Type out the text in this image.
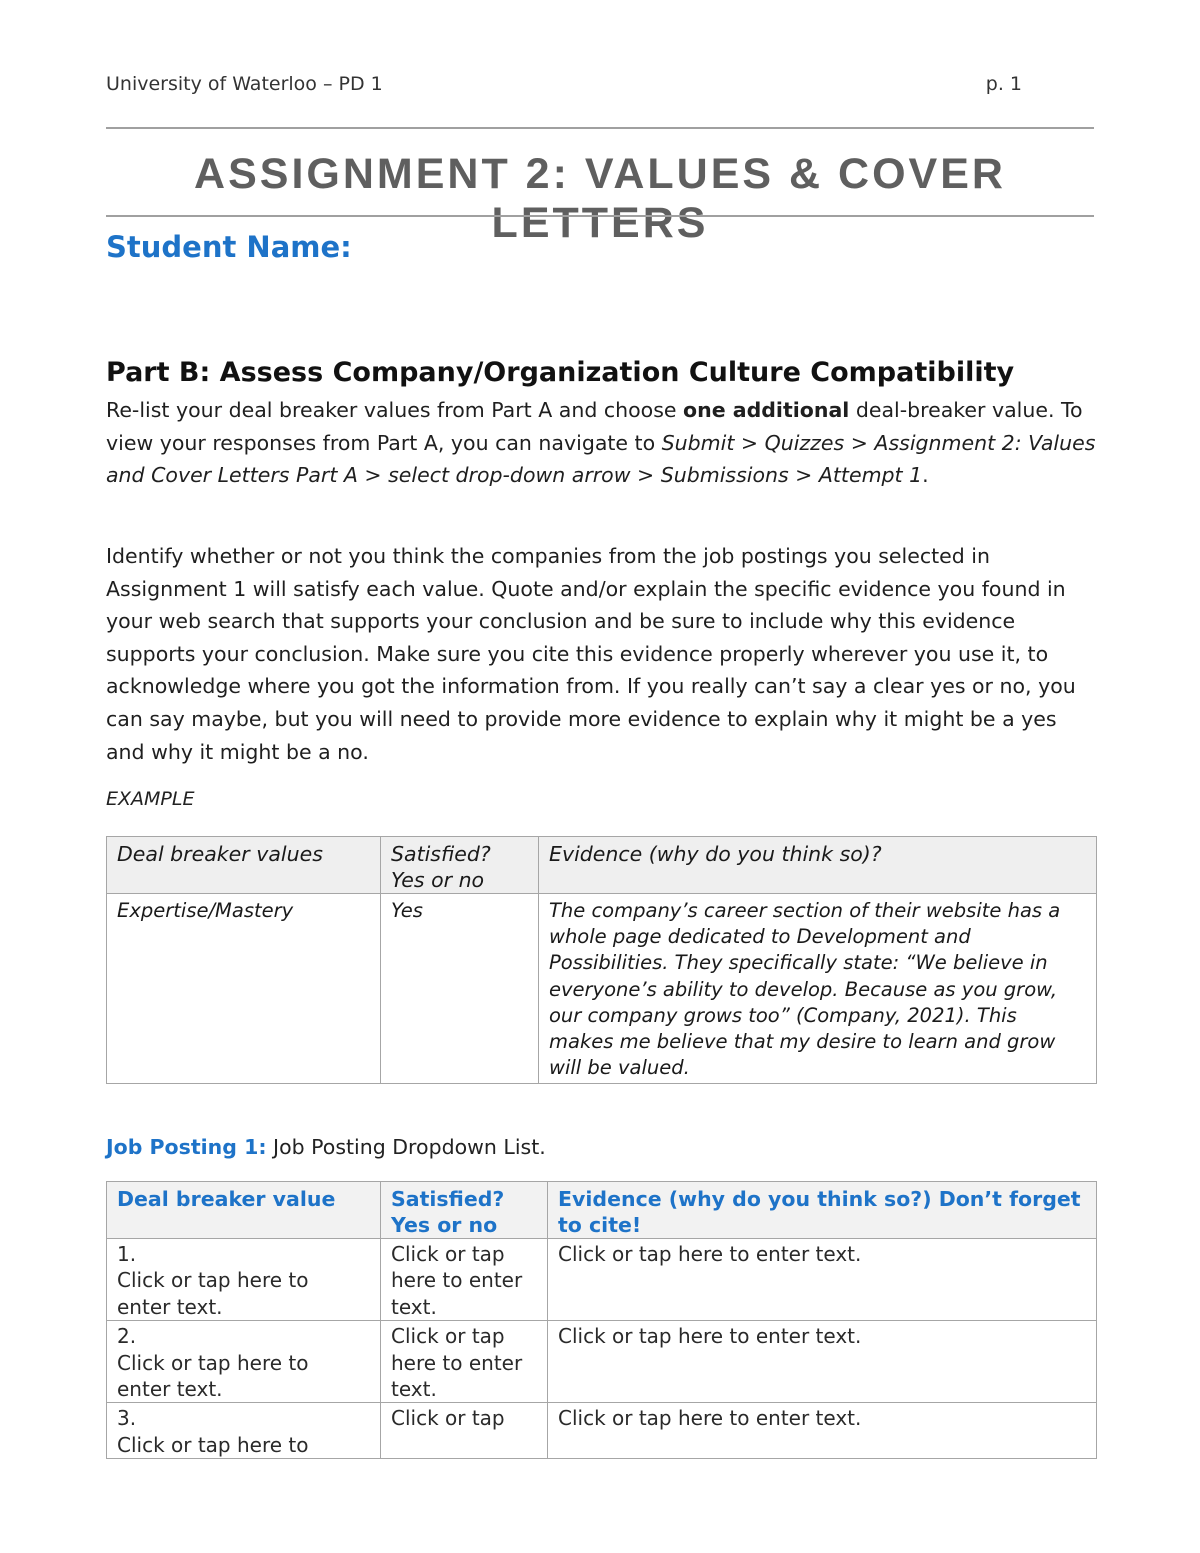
University of Waterloo – PD 1	p. 1
ASSIGNMENT 2: VALUES & COVER LETTERS
Student Name:
Part B: Assess Company/Organization Culture Compatibility
Re-list your deal breaker values from Part A and choose one additional deal-breaker value. To view your responses from Part A, you can navigate to Submit > Quizzes > Assignment 2: Values and Cover Letters Part A > select drop-down arrow > Submissions > Attempt 1.
Identify whether or not you think the companies from the job postings you selected in Assignment 1 will satisfy each value. Quote and/or explain the specific evidence you found in your web search that supports your conclusion and be sure to include why this evidence supports your conclusion. Make sure you cite this evidence properly wherever you use it, to acknowledge where you got the information from. If you really can’t say a clear yes or no, you can say maybe, but you will need to provide more evidence to explain why it might be a yes and why it might be a no.
EXAMPLE
Deal breaker values	Satisfied? Yes or no	Evidence (why do you think so)?
Expertise/Mastery	Yes	The company’s career section of their website has a whole page dedicated to Development and Possibilities. They specifically state: “We believe in everyone’s ability to develop. Because as you grow, our company grows too” (Company, 2021). This makes me believe that my desire to learn and grow will be valued.
Job Posting 1: Job Posting Dropdown List.
Deal breaker value	Satisfied? Yes or no	Evidence (why do you think so?) Don’t forget to cite!
1.Click or tap here to enter text.	Click or tap here to enter text.	Click or tap here to enter text.
2.Click or tap here to enter text.	Click or tap here to enter text.	Click or tap here to enter text.
3.Click or tap here to	Click or tap	Click or tap here to enter text.
